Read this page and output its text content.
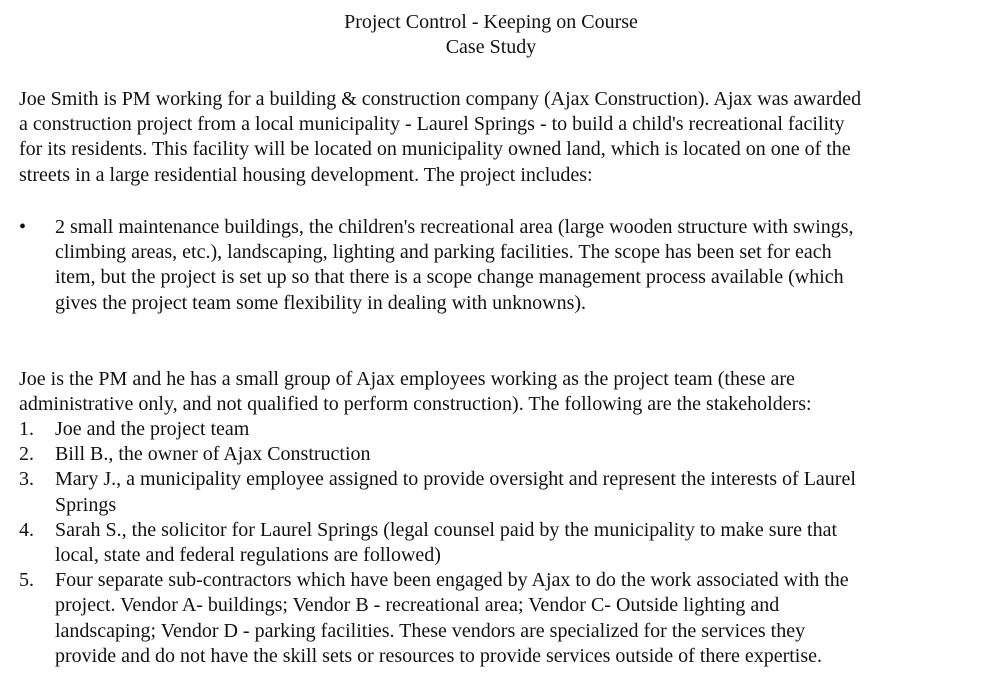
Project Control - Keeping on Course
Case Study
Joe Smith is PM working for a building & construction company (Ajax Construction). Ajax was awarded
a construction project from a local municipality - Laurel Springs - to build a child's recreational facility
for its residents. This facility will be located on municipality owned land, which is located on one of the
streets in a large residential housing development. The project includes:
•	2 small maintenance buildings, the children's recreational area (large wooden structure with swings,
climbing areas, etc.), landscaping, lighting and parking facilities. The scope has been set for each
item, but the project is set up so that there is a scope change management process available (which
gives the project team some flexibility in dealing with unknowns).
Joe is the PM and he has a small group of Ajax employees working as the project team (these are
administrative only, and not qualified to perform construction). The following are the stakeholders:
1.	Joe and the project team
2.	Bill B., the owner of Ajax Construction
3.	Mary J., a municipality employee assigned to provide oversight and represent the interests of Laurel
Springs
4.	Sarah S., the solicitor for Laurel Springs (legal counsel paid by the municipality to make sure that
local, state and federal regulations are followed)
5.	Four separate sub-contractors which have been engaged by Ajax to do the work associated with the
project. Vendor A- buildings; Vendor B - recreational area; Vendor C- Outside lighting and
landscaping; Vendor D - parking facilities. These vendors are specialized for the services they
provide and do not have the skill sets or resources to provide services outside of there expertise.
